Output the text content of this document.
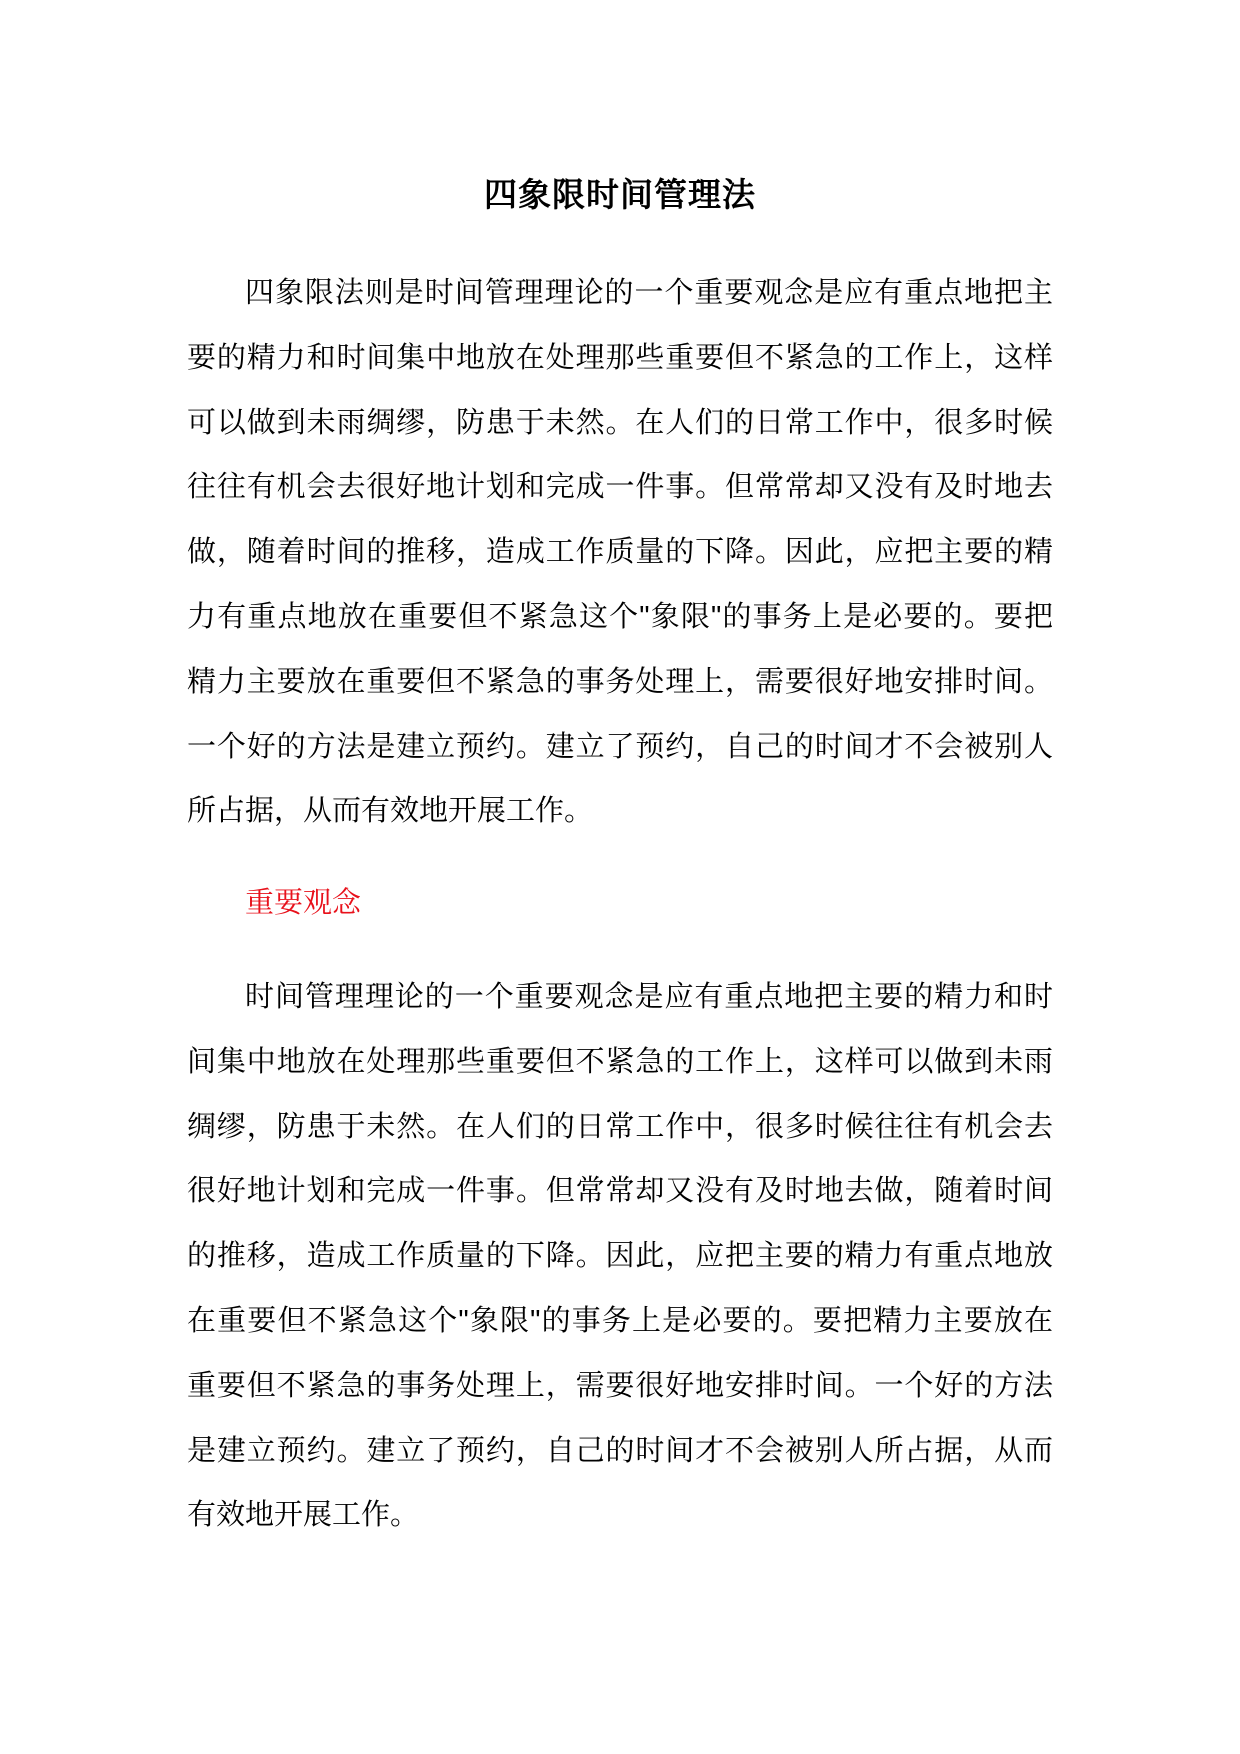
四象限时间管理法
四象限法则是时间管理理论的一个重要观念是应有重点地把主
要的精力和时间集中地放在处理那些重要但不紧急的工作上，这样
可以做到未雨绸缪，防患于未然。在人们的日常工作中，很多时候
往往有机会去很好地计划和完成一件事。但常常却又没有及时地去
做，随着时间的推移，造成工作质量的下降。因此，应把主要的精
力有重点地放在重要但不紧急这个"象限"的事务上是必要的。要把
精力主要放在重要但不紧急的事务处理上，需要很好地安排时间。
一个好的方法是建立预约。建立了预约，自己的时间才不会被别人
所占据，从而有效地开展工作。
重要观念
时间管理理论的一个重要观念是应有重点地把主要的精力和时
间集中地放在处理那些重要但不紧急的工作上，这样可以做到未雨
绸缪，防患于未然。在人们的日常工作中，很多时候往往有机会去
很好地计划和完成一件事。但常常却又没有及时地去做，随着时间
的推移，造成工作质量的下降。因此，应把主要的精力有重点地放
在重要但不紧急这个"象限"的事务上是必要的。要把精力主要放在
重要但不紧急的事务处理上，需要很好地安排时间。一个好的方法
是建立预约。建立了预约，自己的时间才不会被别人所占据，从而
有效地开展工作。
